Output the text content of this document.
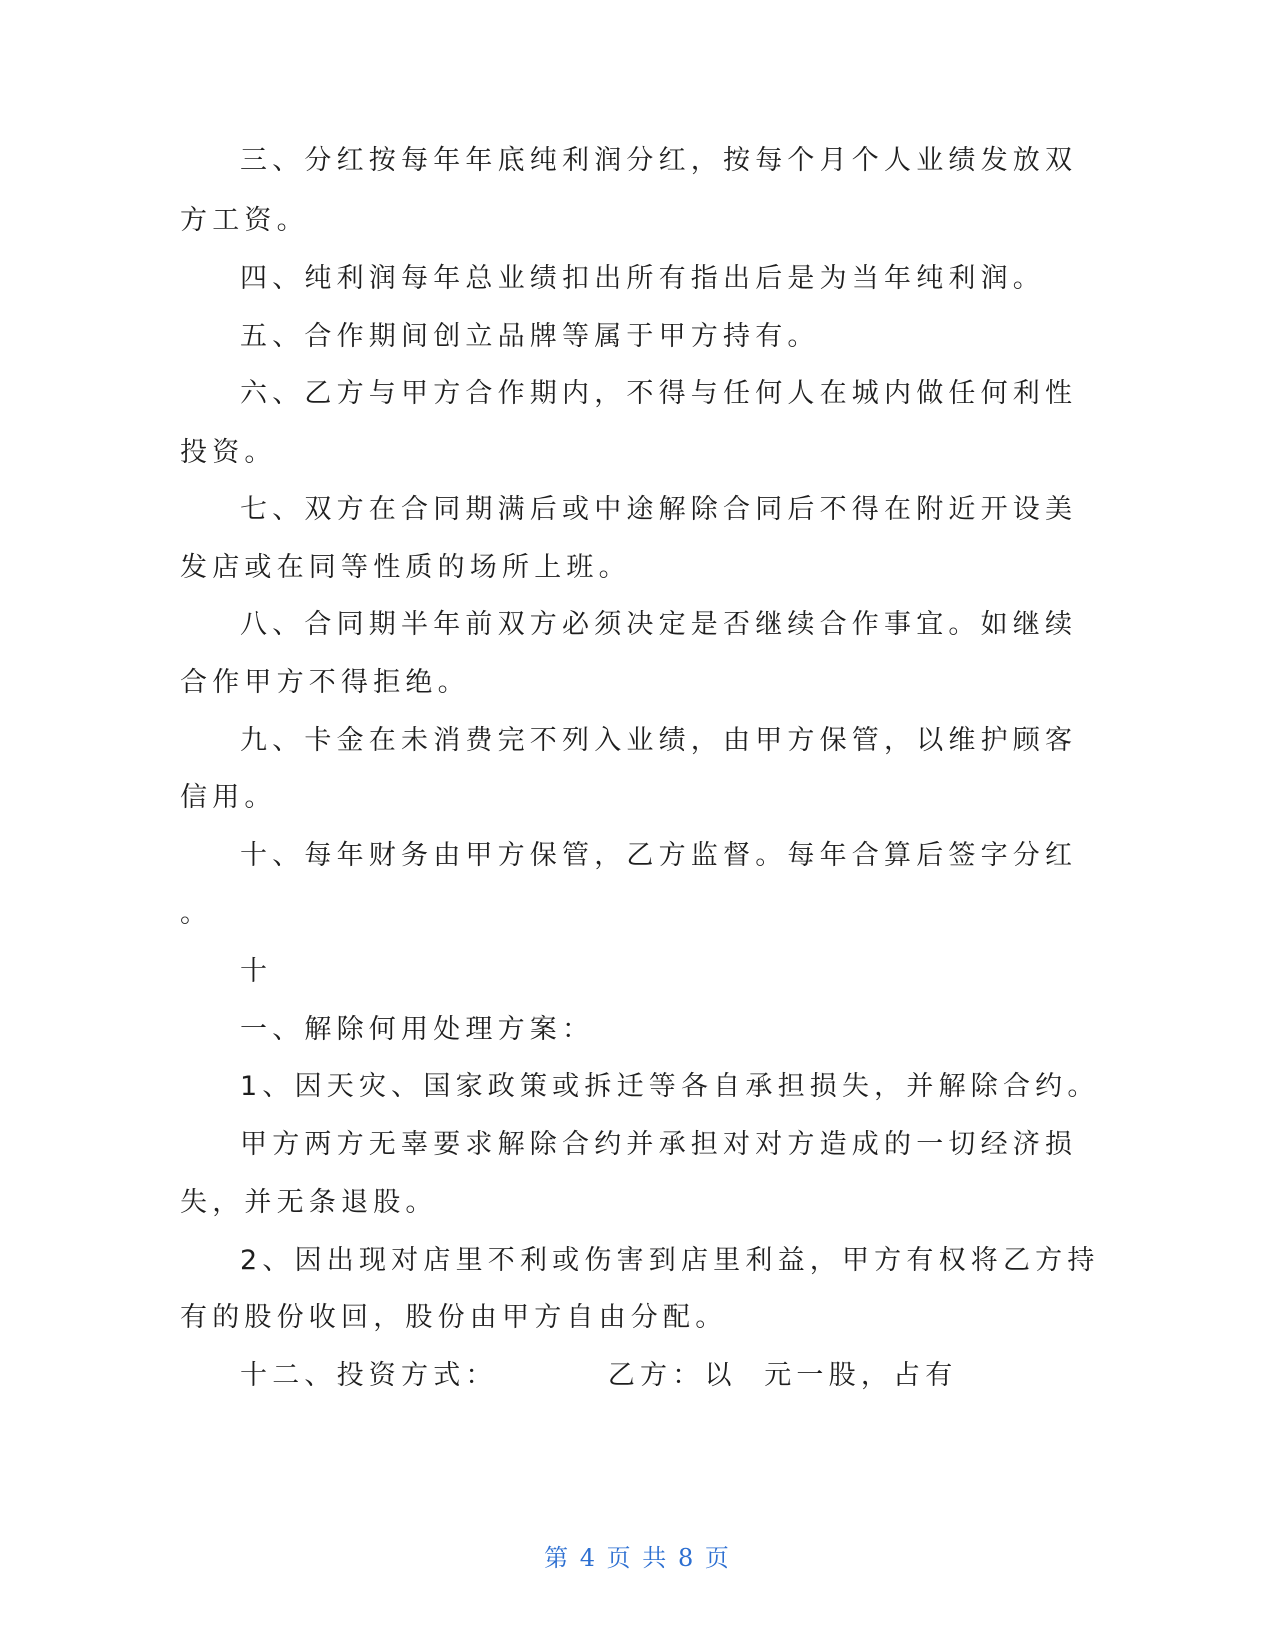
三、分红按每年年底纯利润分红，按每个月个人业绩发放双
方工资。
四、纯利润每年总业绩扣出所有指出后是为当年纯利润。
五、合作期间创立品牌等属于甲方持有。
六、乙方与甲方合作期内，不得与任何人在城内做任何利性
投资。
七、双方在合同期满后或中途解除合同后不得在附近开设美
发店或在同等性质的场所上班。
八、合同期半年前双方必须决定是否继续合作事宜。如继续
合作甲方不得拒绝。
九、卡金在未消费完不列入业绩，由甲方保管，以维护顾客
信用。
十、每年财务由甲方保管，乙方监督。每年合算后签字分红
。
十
一、解除何用处理方案：
1、因天灾、国家政策或拆迁等各自承担损失，并解除合约。
甲方两方无辜要求解除合约并承担对对方造成的一切经济损
失，并无条退股。
2、因出现对店里不利或伤害到店里利益，甲方有权将乙方持
有的股份收回，股份由甲方自由分配。
十二、投资方式：        乙方：以  元一股，占有
第 4 页 共 8 页
